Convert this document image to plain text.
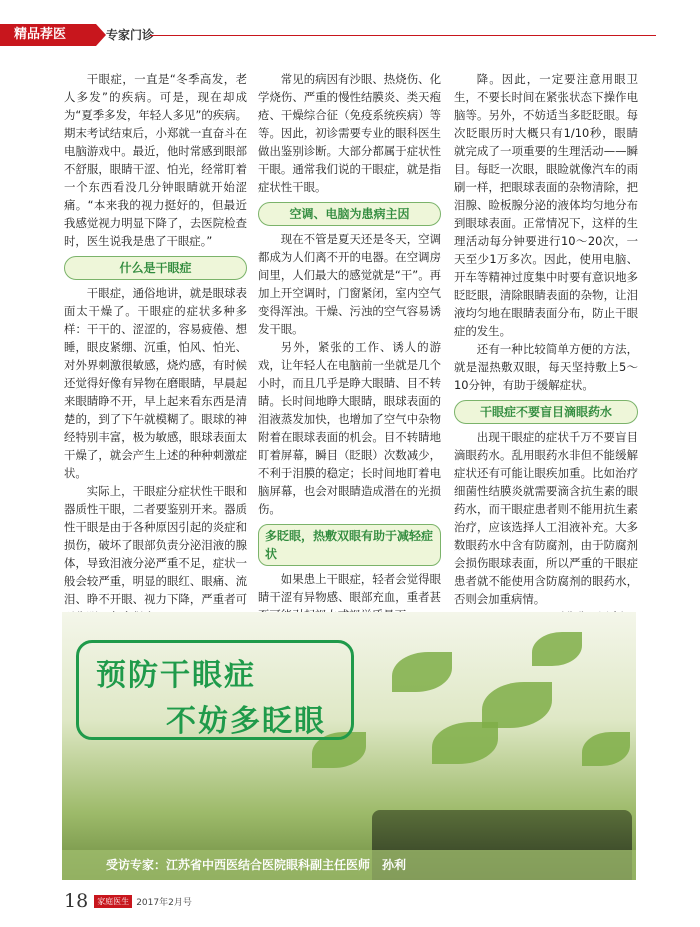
精品荐医	专家门诊

干眼症，一直是“冬季高发，老人多发”的疾病。可是，现在却成为“夏季多发，年轻人多见”的疾病。期末考试结束后，小郑就一直奋斗在电脑游戏中。最近，他时常感到眼部不舒服，眼睛干涩、怕光，经常盯着一个东西看没几分钟眼睛就开始涩痛。“本来我的视力挺好的，但最近我感觉视力明显下降了，去医院检查时，医生说我是患了干眼症。”

什么是干眼症

干眼症，通俗地讲，就是眼球表面太干燥了。干眼症的症状多种多样：干干的、涩涩的，容易疲倦、想睡，眼皮紧绷、沉重，怕风、怕光、对外界刺激很敏感，烧灼感，有时候还觉得好像有异物在磨眼睛，早晨起来眼睛睁不开，早上起来看东西是清楚的，到了下午就模糊了。眼球的神经特别丰富，极为敏感，眼球表面太干燥了，就会产生上述的种种刺激症状。

实际上，干眼症分症状性干眼和器质性干眼，二者要鉴别开来。器质性干眼是由于各种原因引起的炎症和损伤，破坏了眼部负责分泌泪液的腺体，导致泪液分泌严重不足，症状一般会较严重，明显的眼红、眼痛、流泪、睁不开眼、视力下降，严重者可

常见的病因有沙眼、热烧伤、化学烧伤、严重的慢性结膜炎、类天疱疮、干燥综合征（免疫系统疾病）等等。因此，初诊需要专业的眼科医生做出鉴别诊断。大部分都属于症状性干眼。通常我们说的干眼症，就是指症状性干眼。

空调、电脑为患病主因

现在不管是夏天还是冬天，空调都成为人们离不开的电器。在空调房间里，人们最大的感觉就是“干”。再加上开空调时，门窗紧闭，室内空气变得浑浊。干燥、污浊的空气容易诱发干眼。

另外，紧张的工作、诱人的游戏，让年轻人在电脑前一坐就是几个小时，而且几乎是睁大眼睛、目不转睛。长时间地睁大眼睛，眼球表面的泪液蒸发加快，也增加了空气中杂物附着在眼球表面的机会。目不转睛地盯着屏幕，瞬目（眨眼）次数减少，不利于泪膜的稳定；长时间地盯着电脑屏幕，也会对眼睛造成潜在的光损伤。

多眨眼，热敷双眼有助于减轻症状

如果患上干眼症，轻者会觉得眼睛干涩有异物感、眼部充血，重者甚

降。因此，一定要注意用眼卫生，不要长时间在紧张状态下操作电脑等。另外，不妨适当多眨眨眼。每次眨眼历时大概只有1/10秒，眼睛就完成了一项重要的生理活动——瞬目。每眨一次眼，眼睑就像汽车的雨刷一样，把眼球表面的杂物清除，把泪腺、睑板腺分泌的液体均匀地分布到眼球表面。正常情况下，这样的生理活动每分钟要进行10～20次，一天至少1万多次。因此，使用电脑、开车等精神过度集中时要有意识地多眨眨眼，清除眼睛表面的杂物，让泪液均匀地在眼睛表面分布，防止干眼症的发生。

还有一种比较简单方便的方法，就是湿热敷双眼，每天坚持敷上5～10分钟，有助于缓解症状。

干眼症不要盲目滴眼药水

出现干眼症的症状千万不要盲目滴眼药水。乱用眼药水非但不能缓解症状还有可能让眼疾加重。比如治疗细菌性结膜炎就需要滴含抗生素的眼药水，而干眼症患者则不能用抗生素治疗，应该选择人工泪液补充。大多数眼药水中含有防腐剂，由于防腐剂会损伤眼球表面，所以严重的干眼症患者就不能使用含防腐剂的眼药水，否则会加重病情。

预防干眼症
不妨多眨眼
受访专家：江苏省中西医结合医院眼科副主任医师　孙利
18	家庭医生 2017年2月号
